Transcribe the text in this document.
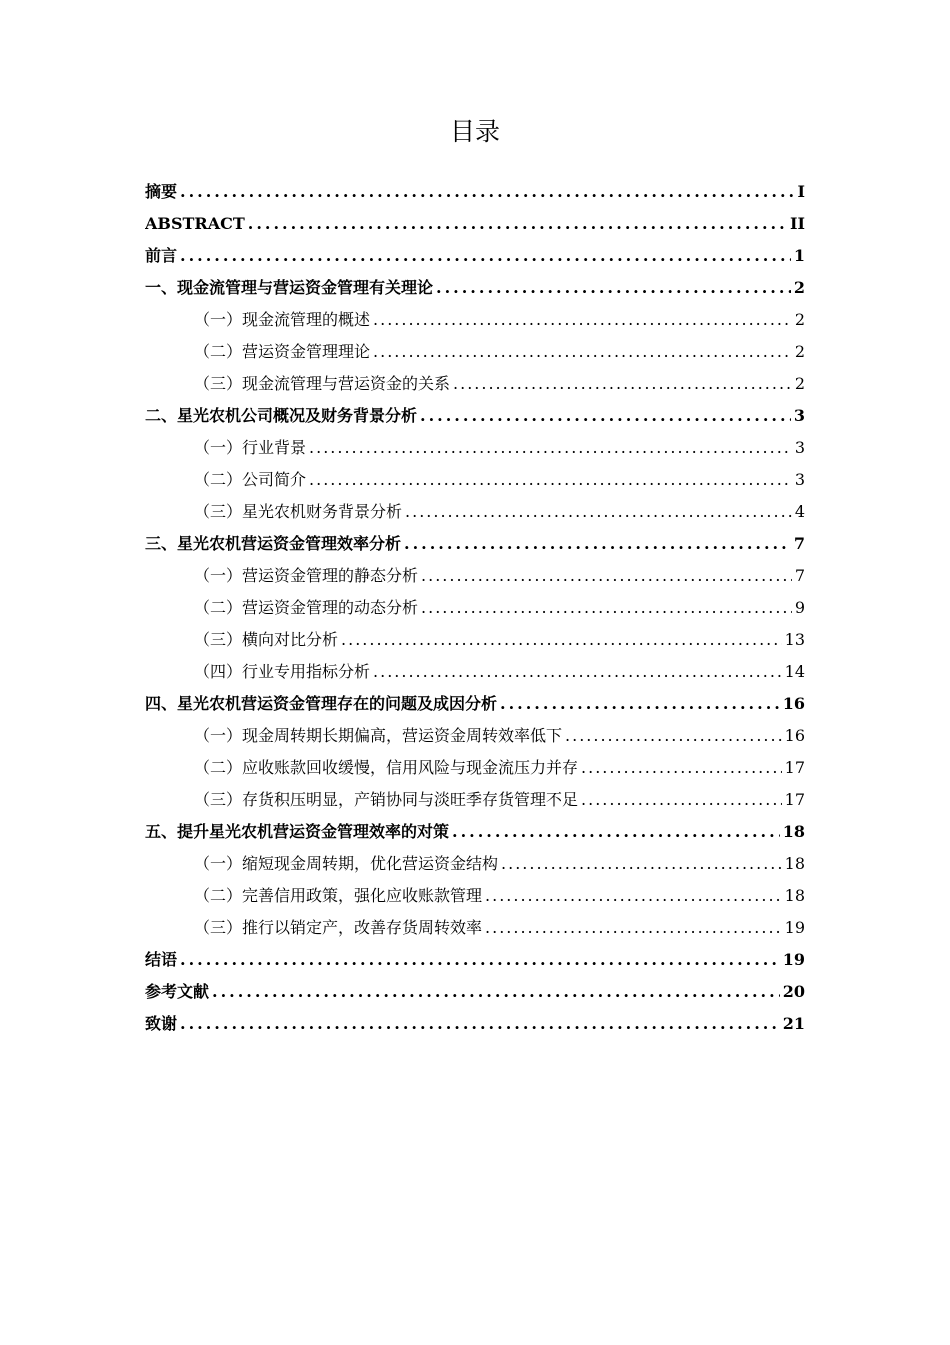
目录
摘要 .....	I
ABSTRACT .....	II
前言 .....	1
一、现金流管理与营运资金管理有关理论 .....	2
（一）现金流管理的概述 .....	2
（二）营运资金管理理论 .....	2
（三）现金流管理与营运资金的关系 .....	2
二、星光农机公司概况及财务背景分析 .....	3
（一）行业背景 .....	3
（二）公司简介 .....	3
（三）星光农机财务背景分析 .....	4
三、星光农机营运资金管理效率分析 .....	7
（一）营运资金管理的静态分析 .....	7
（二）营运资金管理的动态分析 .....	9
（三）横向对比分析 .....	13
（四）行业专用指标分析 .....	14
四、星光农机营运资金管理存在的问题及成因分析 .....	16
（一）现金周转期长期偏高，营运资金周转效率低下 .....	16
（二）应收账款回收缓慢，信用风险与现金流压力并存 .....	17
（三）存货积压明显，产销协同与淡旺季存货管理不足 .....	17
五、提升星光农机营运资金管理效率的对策 .....	18
（一）缩短现金周转期，优化营运资金结构 .....	18
（二）完善信用政策，强化应收账款管理 .....	18
（三）推行以销定产，改善存货周转效率 .....	19
结语 .....	19
参考文献 .....	20
致谢 .....	21
